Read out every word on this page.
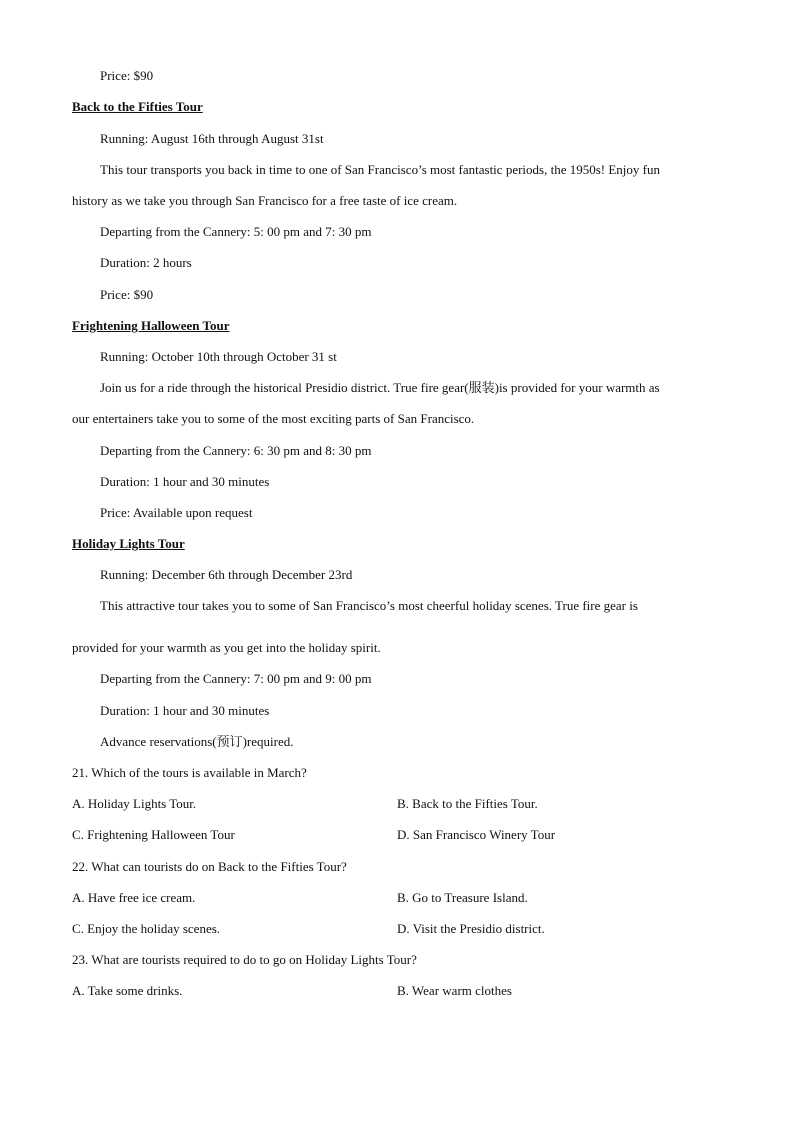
Price: $90
Back to the Fifties Tour
Running: August 16th through August 31st
This tour transports you back in time to one of San Francisco’s most fantastic periods, the 1950s! Enjoy fun
history as we take you through San Francisco for a free taste of ice cream.
Departing from the Cannery: 5: 00 pm and 7: 30 pm
Duration: 2 hours
Price: $90
Frightening Halloween Tour
Running: October 10th through October 31 st
Join us for a ride through the historical Presidio district. True fire gear(服装)is provided for your warmth as
our entertainers take you to some of the most exciting parts of San Francisco.
Departing from the Cannery: 6: 30 pm and 8: 30 pm
Duration: 1 hour and 30 minutes
Price: Available upon request
Holiday Lights Tour
Running: December 6th through December 23rd
This attractive tour takes you to some of San Francisco’s most cheerful holiday scenes. True fire gear is
provided for your warmth as you get into the holiday spirit.
Departing from the Cannery: 7: 00 pm and 9: 00 pm
Duration: 1 hour and 30 minutes
Advance reservations(预订)required.
21. Which of the tours is available in March?
A. Holiday Lights Tour.	B. Back to the Fifties Tour.
C. Frightening Halloween Tour	D. San Francisco Winery Tour
22. What can tourists do on Back to the Fifties Tour?
A. Have free ice cream.	B. Go to Treasure Island.
C. Enjoy the holiday scenes.	D. Visit the Presidio district.
23. What are tourists required to do to go on Holiday Lights Tour?
A. Take some drinks.	B. Wear warm clothes
